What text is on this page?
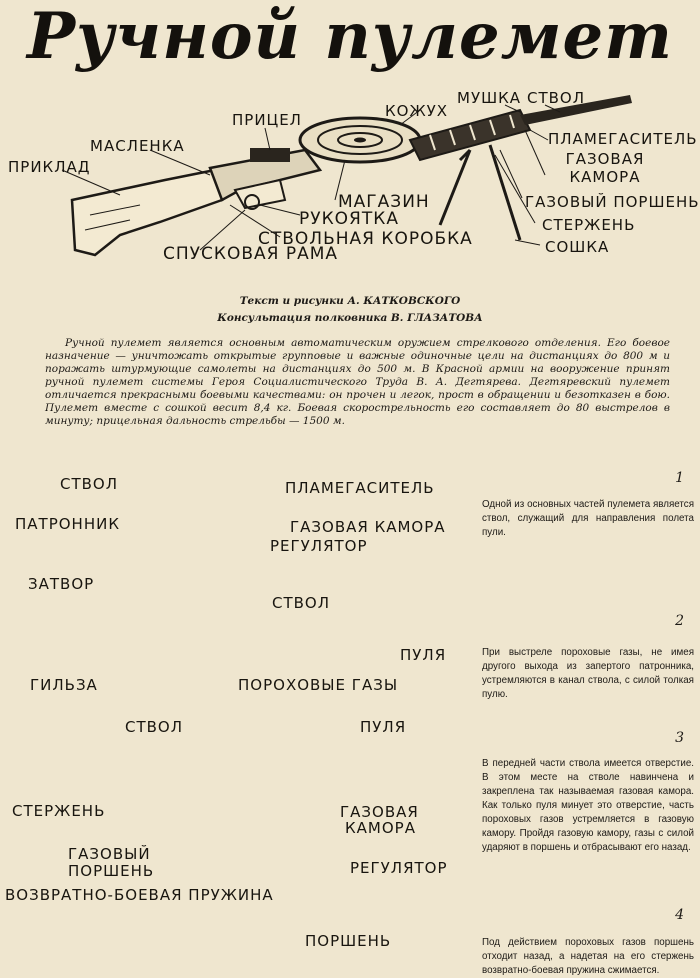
Ручной пулемет
ПРИКЛАД
МАСЛЕНКА
ПРИЦЕЛ	КОЖУХ
МУШКА СТВОЛ
ПЛАМЕГАСИТЕЛЬ
ГАЗОВАЯ КАМОРА
ГАЗОВЫЙ ПОРШЕНЬ
СТЕРЖЕНЬ
СОШКА
МАГАЗИН
РУКОЯТКА
СТВОЛЬНАЯ КОРОБКА
СПУСКОВАЯ РАМА
Текст и рисунки А. КАТКОВСКОГО
Консультация полковника В. ГЛАЗАТОВА
Ручной пулемет является основным автоматическим оружием стрелкового отделения. Его боевое назначение — уничтожать открытые групповые и важные одиночные цели на дистанциях до 800 м и поражать штурмующие самолеты на дистанциях до 500 м. В Красной армии на вооружение принят ручной пулемет системы Героя Социалистического Труда В. А. Дегтярева. Дегтяревский пулемет отличается прекрасными боевыми качествами: он прочен и легок, прост в обращении и безотказен в бою. Пулемет вместе с сошкой весит 8,4 кг. Боевая скорострельность его составляет до 80 выстрелов в минуту; прицельная дальность стрельбы — 1500 м.
СТВОЛ	ПЛАМЕГАСИТЕЛЬ
ПАТРОННИК	ГАЗОВАЯ КАМОРА
РЕГУЛЯТОР
1
Одной из основных частей пулемета является ствол, служащий для направления полета пули.
ЗАТВОР
СТВОЛ
ПУЛЯ
ГИЛЬЗА	ПОРОХОВЫЕ ГАЗЫ
2
При выстреле пороховые газы, не имея другого выхода из запертого патронника, устремляются в канал ствола, с силой толкая пулю.
СТВОЛ	ПУЛЯ
СТЕРЖЕНЬ	ГАЗОВАЯ
КАМОРА
ГАЗОВЫЙ
ПОРШЕНЬ	РЕГУЛЯТОР
3
В передней части ствола имеется отверстие. В этом месте на стволе навинчена и закреплена так называемая газовая камора. Как только пуля минует это отверстие, часть пороховых газов устремляется в газовую камору. Пройдя газовую камору, газы с силой ударяют в поршень и отбрасывают его назад.
ВОЗВРАТНО-БОЕВАЯ ПРУЖИНА
ПОРШЕНЬ
4
Под действием пороховых газов поршень отходит назад, а надетая на его стержень возвратно-боевая пружина сжимается.
